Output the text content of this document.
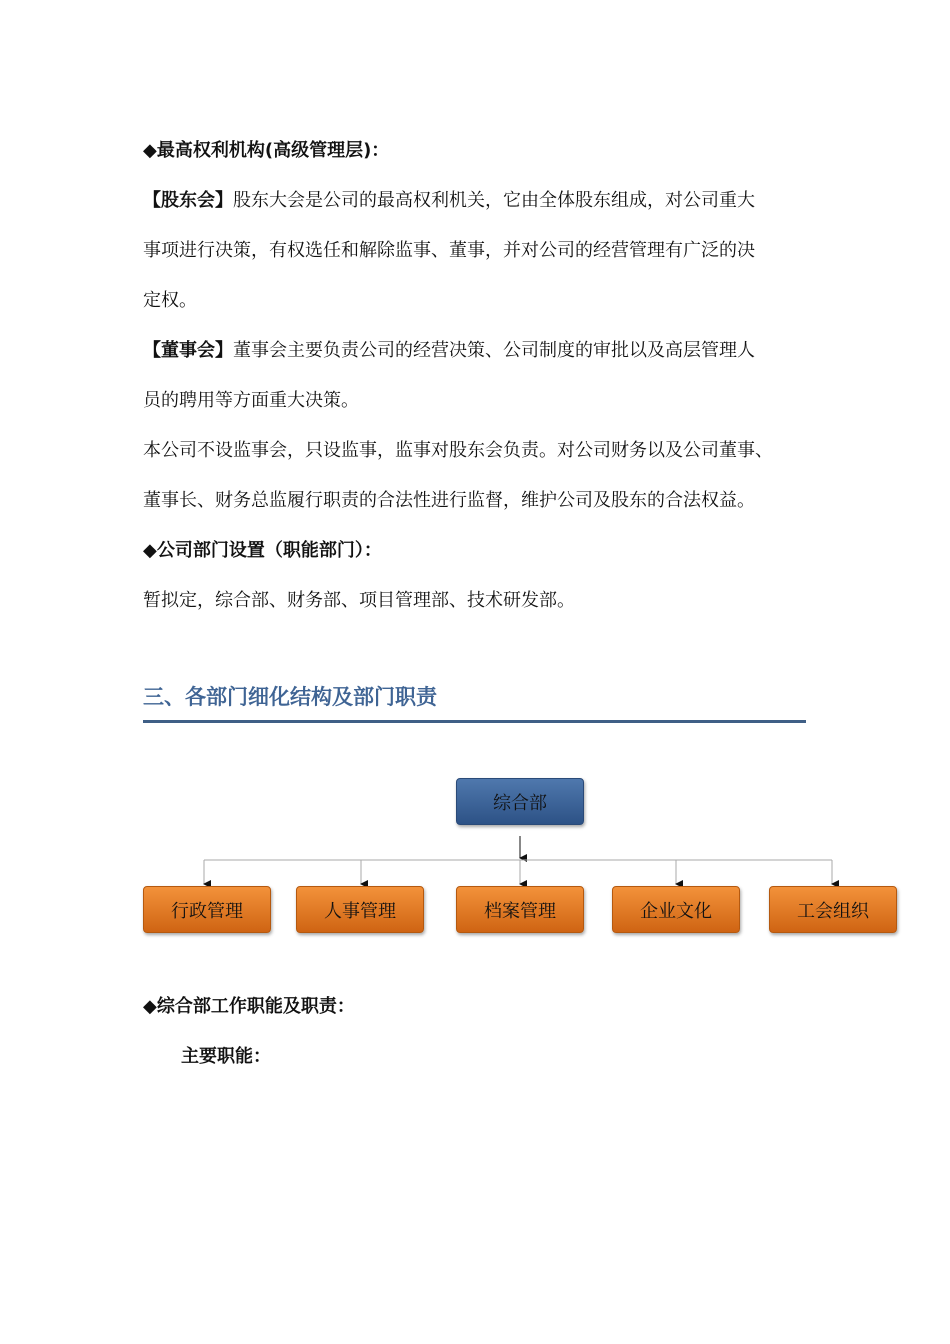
◆最高权利机构(高级管理层)：
【股东会】股东大会是公司的最高权利机关，它由全体股东组成，对公司重大
事项进行决策，有权选任和解除监事、董事，并对公司的经营管理有广泛的决
定权。
【董事会】董事会主要负责公司的经营决策、公司制度的审批以及高层管理人
员的聘用等方面重大决策。
本公司不设监事会，只设监事，监事对股东会负责。对公司财务以及公司董事、
董事长、财务总监履行职责的合法性进行监督，维护公司及股东的合法权益。
◆公司部门设置（职能部门）：
暂拟定，综合部、财务部、项目管理部、技术研发部。
三、各部门细化结构及部门职责
综合部
行政管理	人事管理	档案管理	企业文化	工会组织
◆综合部工作职能及职责：
主要职能：
